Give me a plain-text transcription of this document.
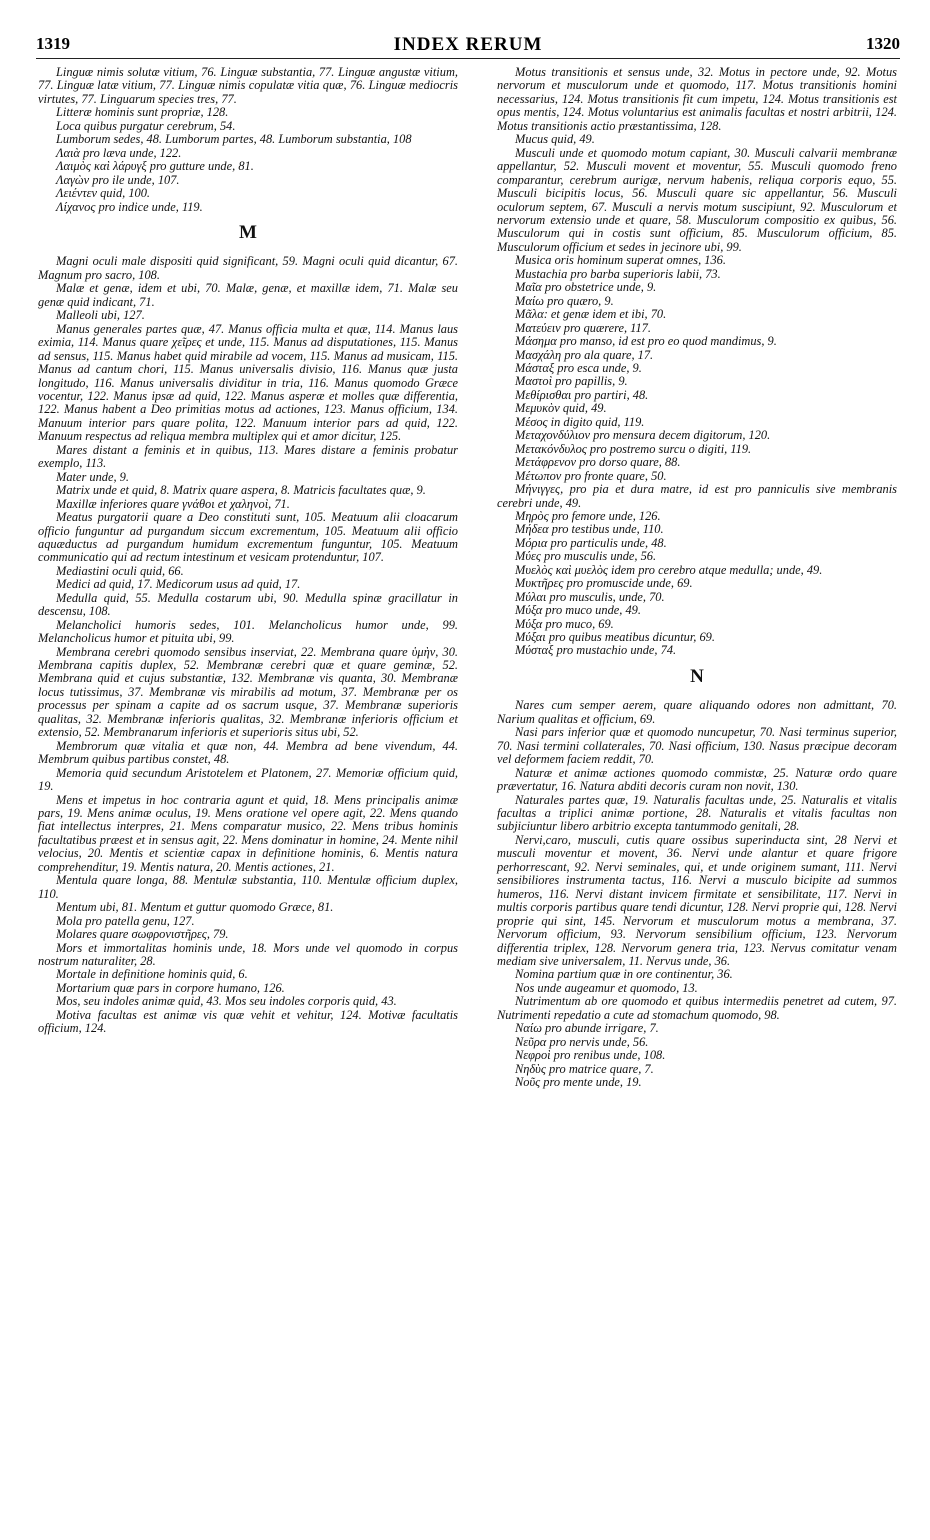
1319	INDEX RERUM	1320

Linguæ nimis solutæ vitium, 76. Linguæ substantia, 77. Linguæ angustæ vitium, 77. Linguæ latæ vitium, 77. Linguæ nimis copulatæ vitia quæ, 76. Linguæ mediocris virtutes, 77. Linguarum species tres, 77.

Litteræ hominis sunt propriæ, 128.

Loca quibus purgatur cerebrum, 54.

Lumborum sedes, 48. Lumborum partes, 48. Lumborum substantia, 108

Λαιὰ pro læva unde, 122.

Λαιμὸς καὶ λάρυγξ pro gutture unde, 81.

Λαγὼν pro ile unde, 107.

Λειέντεν quid, 100.

Λίχανος pro indice unde, 119.

M

Magni oculi male dispositi quid significant, 59. Magni oculi quid dicantur, 67. Magnum pro sacro, 108.

Malæ et genæ, idem et ubi, 70. Malæ, genæ, et maxillæ idem, 71. Malæ seu genæ quid indicant, 71.

Malleoli ubi, 127.

Manus generales partes quæ, 47. Manus officia multa et quæ, 114. Manus laus eximia, 114. Manus quare χεῖρες et unde, 115. Manus ad disputationes, 115. Manus ad sensus, 115. Manus habet quid mirabile ad vocem, 115. Manus ad musicam, 115. Manus ad cantum chori, 115. Manus universalis divisio, 116. Manus quæ justa longitudo, 116. Manus universalis dividitur in tria, 116. Manus quomodo Græce vocentur, 122. Manus ipsæ ad quid, 122. Manus asperæ et molles quæ differentia, 122. Manus habent a Deo primitias motus ad actiones, 123. Manus officium, 134. Manuum interior pars quare polita, 122. Manuum interior pars ad quid, 122. Manuum respectus ad reliqua membra multiplex qui et amor dicitur, 125.

Mares distant a feminis et in quibus, 113. Mares distare a feminis probatur exemplo, 113.

Mater unde, 9.

Matrix unde et quid, 8. Matrix quare aspera, 8. Matricis facultates quæ, 9.

Maxillæ inferiores quare γνάθοι et χαληνοὶ, 71.

Meatus purgatorii quare a Deo constituti sunt, 105. Meatuum alii cloacarum officio funguntur ad purgandum siccum excrementum, 105. Meatuum alii officio aquæductus ad purgandum humidum excrementum funguntur, 105. Meatuum communicatio qui ad rectum intestinum et vesicam protenduntur, 107.

Mediastini oculi quid, 66.

Medici ad quid, 17. Medicorum usus ad quid, 17.

Medulla quid, 55. Medulla costarum ubi, 90. Medulla spinæ gracillatur in descensu, 108.

Melancholici humoris sedes, 101. Melancholicus humor unde, 99. Melancholicus humor et pituita ubi, 99.

Membrana cerebri quomodo sensibus inserviat, 22. Membrana quare ὑμὴν, 30. Membrana capitis duplex, 52. Membranæ cerebri quæ et quare geminæ, 52. Membrana quid et cujus substantiæ, 132. Membranæ vis quanta, 30. Membranæ locus tutissimus, 37. Membranæ vis mirabilis ad motum, 37. Membranæ per os processus per spinam a capite ad os sacrum usque, 37. Membranæ superioris qualitas, 32. Membranæ inferioris qualitas, 32. Membranæ inferioris officium et extensio, 52. Membranarum inferioris et superioris situs ubi, 52.

Membrorum quæ vitalia et quæ non, 44. Membra ad bene vivendum, 44. Membrum quibus partibus constet, 48.

Memoria quid secundum Aristotelem et Platonem, 27. Memoriæ officium quid, 19.

Mens et impetus in hoc contraria agunt et quid, 18. Mens principalis animæ pars, 19. Mens animæ oculus, 19. Mens oratione vel opere agit, 22. Mens quando fiat intellectus interpres, 21. Mens comparatur musico, 22. Mens tribus hominis facultatibus præest et in sensus agit, 22. Mens dominatur in homine, 24. Mente nihil velocius, 20. Mentis et scientiæ capax in definitione hominis, 6. Mentis natura comprehenditur, 19. Mentis natura, 20. Mentis actiones, 21.

Mentula quare longa, 88. Mentulæ substantia, 110. Mentulæ officium duplex, 110.

Mentum ubi, 81. Mentum et guttur quomodo Græce, 81.

Mola pro patella genu, 127.

Molares quare σωφρονιστῆρες, 79.

Mors et immortalitas hominis unde, 18. Mors unde vel quomodo in corpus nostrum naturaliter, 28.

Mortale in definitione hominis quid, 6.

Mortarium quæ pars in corpore humano, 126.

Mos, seu indoles animæ quid, 43. Mos seu indoles corporis quid, 43.

Motiva facultas est animæ vis quæ vehit et vehitur, 124. Motivæ facultatis officium, 124.

Motus transitionis et sensus unde, 32. Motus in pectore unde, 92. Motus nervorum et musculorum unde et quomodo, 117. Motus transitionis homini necessarius, 124. Motus transitionis fit cum impetu, 124. Motus transitionis est opus mentis, 124. Motus voluntarius est animalis facultas et nostri arbitrii, 124. Motus transitionis actio præstantissima, 128.

Mucus quid, 49.

Musculi unde et quomodo motum capiant, 30. Musculi calvarii membranæ appellantur, 52. Musculi movent et moventur, 55. Musculi quomodo freno comparantur, cerebrum aurigæ, nervum habenis, reliqua corporis equo, 55. Musculi bicipitis locus, 56. Musculi quare sic appellantur, 56. Musculi oculorum septem, 67. Musculi a nervis motum suscipiunt, 92. Musculorum et nervorum extensio unde et quare, 58. Musculorum compositio ex quibus, 56. Musculorum qui in costis sunt officium, 85. Musculorum officium, 85. Musculorum officium et sedes in jecinore ubi, 99.

Musica oris hominum superat omnes, 136.

Mustachia pro barba superioris labii, 73.

Μαῖα pro obstetrice unde, 9.

Μαίω pro quæro, 9.

Μᾶλα: et genæ idem et ibi, 70.

Ματεύειν pro quærere, 117.

Μάσημα pro manso, id est pro eo quod mandimus, 9.

Μασχάλη pro ala quare, 17.

Μάσταξ pro esca unde, 9.

Μαστοὶ pro papillis, 9.

Μεθίρισθαι pro partiri, 48.

Μεμυκὸν quid, 49.

Μέσος in digito quid, 119.

Μεταχονδύλιον pro mensura decem digitorum, 120.

Μετακόνδυλος pro postremo surcu o digiti, 119.

Μετάφρενον pro dorso quare, 88.

Μέτωπον pro fronte quare, 50.

Μήνιγγες, pro pia et dura matre, id est pro panniculis sive membranis cerebri unde, 49.

Μηρὸς pro femore unde, 126.

Μήδεα pro testibus unde, 110.

Μόρια pro particulis unde, 48.

Μύες pro musculis unde, 56.

Μυελὸς καὶ μυελὸς idem pro cerebro atque medulla; unde, 49.

Μυκτῆρες pro promuscide unde, 69.

Μύλαι pro musculis, unde, 70.

Μύξα pro muco unde, 49.

Μύξα pro muco, 69.

Μύξαι pro quibus meatibus dicuntur, 69.

Μύσταξ pro mustachio unde, 74.

N

Nares cum semper aerem, quare aliquando odores non admittant, 70. Narium qualitas et officium, 69.

Nasi pars inferior quæ et quomodo nuncupetur, 70. Nasi terminus superior, 70. Nasi termini collaterales, 70. Nasi officium, 130. Nasus præcipue decoram vel deformem faciem reddit, 70.

Naturæ et animæ actiones quomodo commistæ, 25. Naturæ ordo quare prævertatur, 16. Natura abditi decoris curam non novit, 130.

Naturales partes quæ, 19. Naturalis facultas unde, 25. Naturalis et vitalis facultas a triplici animæ portione, 28. Naturalis et vitalis facultas non subjiciuntur libero arbitrio excepta tantummodo genitali, 28.

Nervi,caro, musculi, cutis quare ossibus superinducta sint, 28 Nervi et musculi moventur et movent, 36. Nervi unde alantur et quare frigore perhorrescant, 92. Nervi seminales, qui, et unde originem sumant, 111. Nervi sensibiliores instrumenta tactus, 116. Nervi a musculo bicipite ad summos humeros, 116. Nervi distant invicem firmitate et sensibilitate, 117. Nervi in multis corporis partibus quare tendi dicuntur, 128. Nervi proprie qui, 128. Nervi proprie qui sint, 145. Nervorum et musculorum motus a membrana, 37. Nervorum officium, 93. Nervorum sensibilium officium, 123. Nervorum differentia triplex, 128. Nervorum genera tria, 123. Nervus comitatur venam mediam sive universalem, 11. Nervus unde, 36.

Nomina partium quæ in ore continentur, 36.

Nos unde augeamur et quomodo, 13.

Nutrimentum ab ore quomodo et quibus intermediis penetret ad cutem, 97. Nutrimenti repedatio a cute ad stomachum quomodo, 98.

Ναίω pro abunde irrigare, 7.

Νεῦρα pro nervis unde, 56.

Νεφροὶ pro renibus unde, 108.

Νηδὺς pro matrice quare, 7.

Νοῦς pro mente unde, 19.
